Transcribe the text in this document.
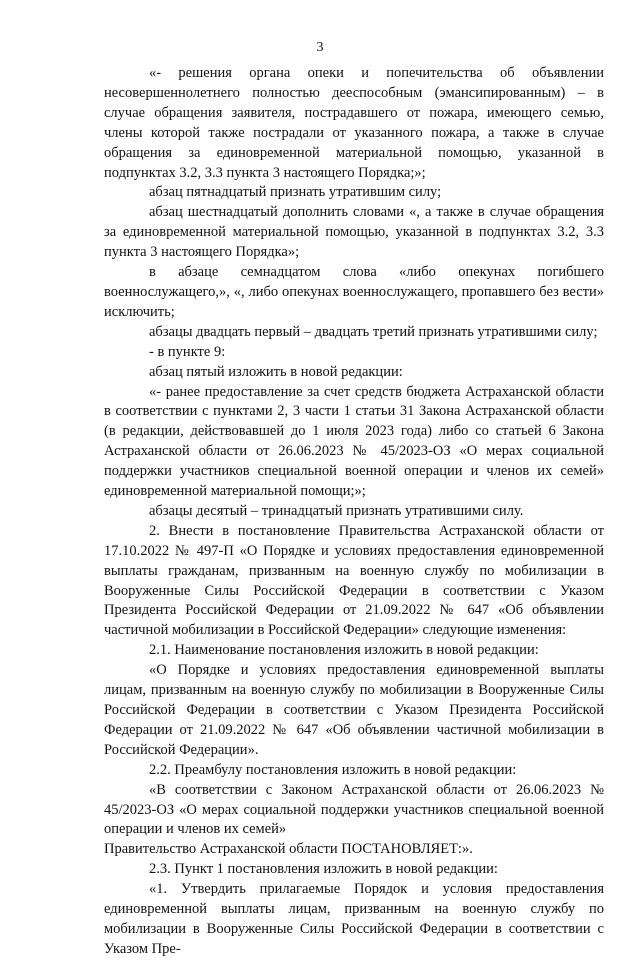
3

«- решения органа опеки и попечительства об объявлении несовершеннолетнего полностью дееспособным (эмансипированным) – в случае обращения заявителя, пострадавшего от пожара, имеющего семью, члены которой также пострадали от указанного пожара, а также в случае обращения за единовременной материальной помощью, указанной в подпунктах 3.2, 3.3 пункта 3 настоящего Порядка;»;

абзац пятнадцатый признать утратившим силу;

абзац шестнадцатый дополнить словами «, а также в случае обращения за единовременной материальной помощью, указанной в подпунктах 3.2, 3.3 пункта 3 настоящего Порядка»;

в абзаце семнадцатом слова «либо опекунах погибшего военнослужащего,», «, либо опекунах военнослужащего, пропавшего без вести» исключить;

абзацы двадцать первый – двадцать третий признать утратившими силу;

- в пункте 9:

абзац пятый изложить в новой редакции:

«- ранее предоставление за счет средств бюджета Астраханской области в соответствии с пунктами 2, 3 части 1 статьи 31 Закона Астраханской области (в редакции, действовавшей до 1 июля 2023 года) либо со статьей 6 Закона Астраханской области от 26.06.2023 № 45/2023-ОЗ «О мерах социальной поддержки участников специальной военной операции и членов их семей» единовременной материальной помощи;»;

абзацы десятый – тринадцатый признать утратившими силу.

2. Внести в постановление Правительства Астраханской области от 17.10.2022 № 497-П «О Порядке и условиях предоставления единовременной выплаты гражданам, призванным на военную службу по мобилизации в Вооруженные Силы Российской Федерации в соответствии с Указом Президента Российской Федерации от 21.09.2022 № 647 «Об объявлении частичной мобилизации в Российской Федерации» следующие изменения:

2.1. Наименование постановления изложить в новой редакции:

«О Порядке и условиях предоставления единовременной выплаты лицам, призванным на военную службу по мобилизации в Вооруженные Силы Российской Федерации в соответствии с Указом Президента Российской Федерации от 21.09.2022 № 647 «Об объявлении частичной мобилизации в Российской Федерации».

2.2. Преамбулу постановления изложить в новой редакции:

«В соответствии с Законом Астраханской области от 26.06.2023 № 45/2023-ОЗ «О мерах социальной поддержки участников специальной военной операции и членов их семей»

Правительство Астраханской области ПОСТАНОВЛЯЕТ:».

2.3. Пункт 1 постановления изложить в новой редакции:

«1. Утвердить прилагаемые Порядок и условия предоставления единовременной выплаты лицам, призванным на военную службу по мобилизации в Вооруженные Силы Российской Федерации в соответствии с Указом Пре-
